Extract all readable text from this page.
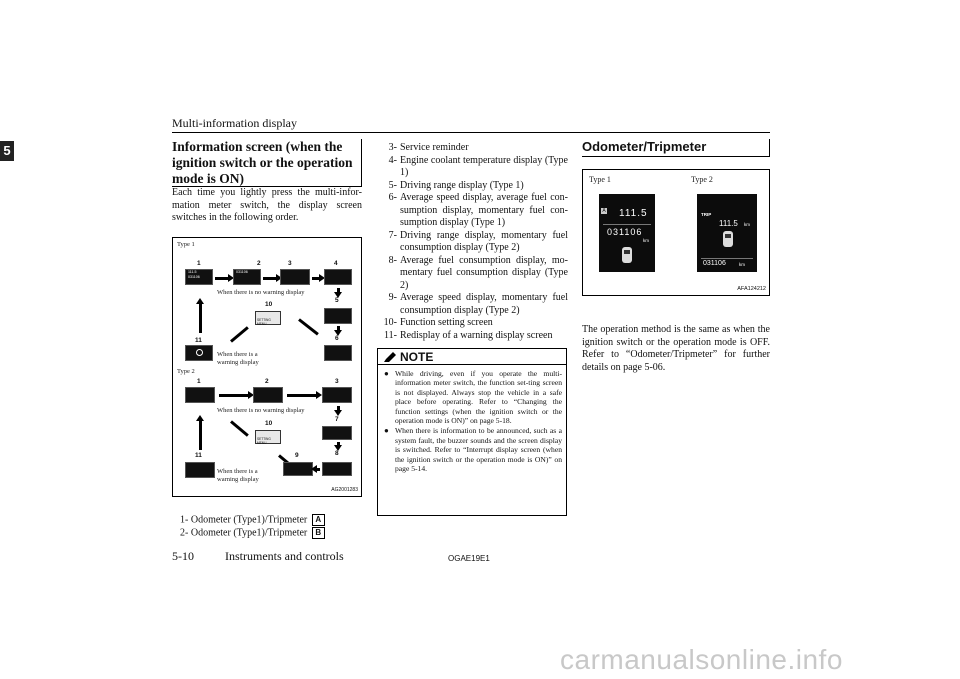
Multi-information display
5	Information screen (when the ignition switch or the operation mode is ON)
Each time you lightly press the multi-infor-mation meter switch, the display screen switches in the following order.
Type 1
1	2	3	4
111.5
031106
031106
When there is no warning display
5
6
10
SETTING MENU
11
When there is a
warning display
Type 2
1	2	3
When there is no warning display
7
8
10
SETTING MENU
11
When there is a
warning display
9
AG2001283
1- Odometer (Type1)/Tripmeter A
2- Odometer (Type1)/Tripmeter B
3- Service reminder
4- Engine coolant temperature display (Type 1)
5- Driving range display (Type 1)
6- Average speed display, average fuel con-sumption display, momentary fuel con-sumption display (Type 1)
7- Driving range display, momentary fuel consumption display (Type 2)
8- Average fuel consumption display, mo-mentary fuel consumption display (Type 2)
9- Average speed display, momentary fuel consumption display (Type 2)
10- Function setting screen
11- Redisplay of a warning display screen
NOTE
● While driving, even if you operate the multi-information meter switch, the function set-ting screen is not displayed. Always stop the vehicle in a safe place before operating. Refer to “Changing the function settings (when the ignition switch or the operation mode is ON)” on page 5-18.
● When there is information to be announced, such as a system fault, the buzzer sounds and the screen display is switched. Refer to “Interrupt display screen (when the ignition switch or the operation mode is ON)” on page 5-14.
Odometer/Tripmeter
Type 1	Type 2
A 111.5
031106
km
TRIP
111.5 km
031106	km
AFA124212
The operation method is the same as when the ignition switch or the operation mode is OFF. Refer to “Odometer/Tripmeter” for further details on page 5-06.
5-10	Instruments and controls	OGAE19E1
carmanualsonline.info
